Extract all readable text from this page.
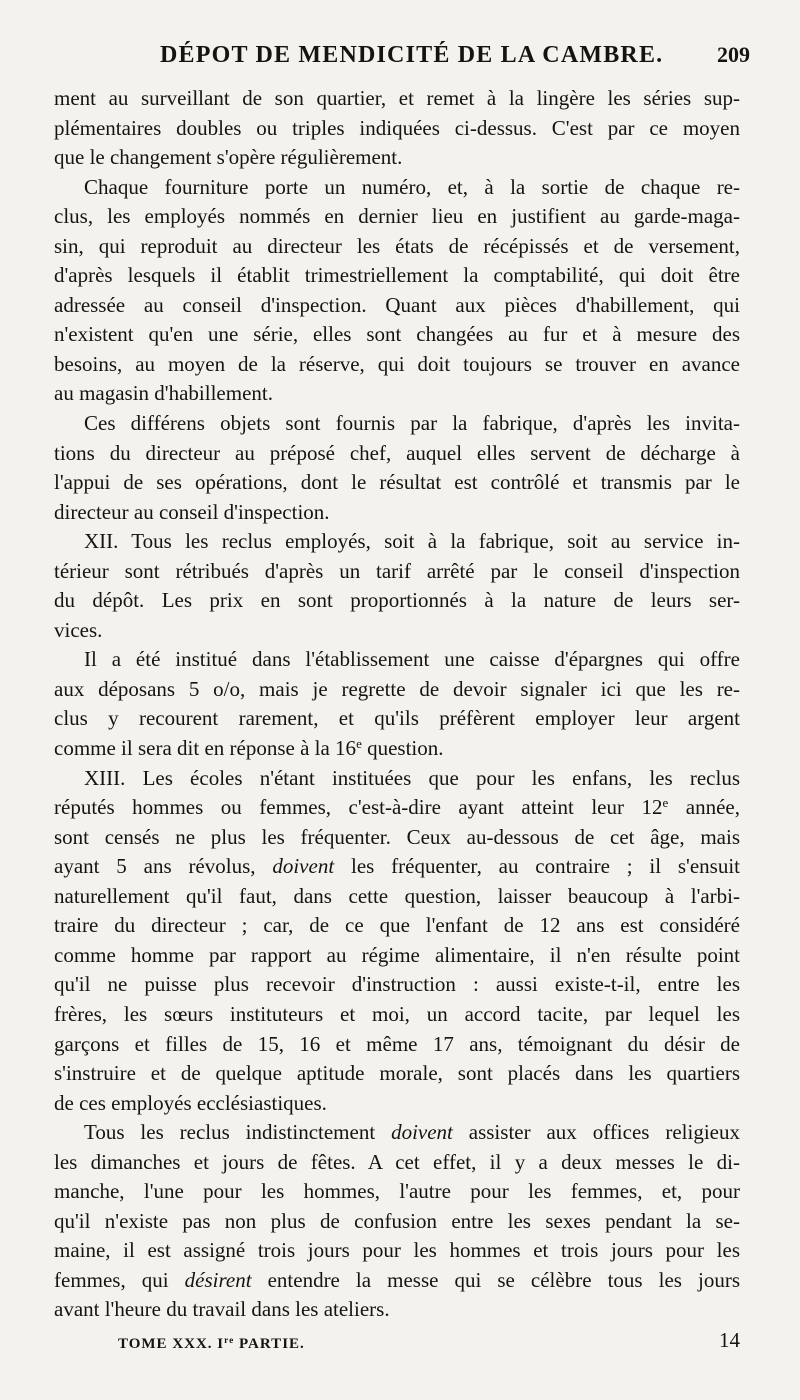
DÉPOT DE MENDICITÉ DE LA CAMBRE. 209
ment au surveillant de son quartier, et remet à la lingère les séries sup-
plémentaires doubles ou triples indiquées ci-dessus. C'est par ce moyen
que le changement s'opère régulièrement.
Chaque fourniture porte un numéro, et, à la sortie de chaque re-
clus, les employés nommés en dernier lieu en justifient au garde-maga-
sin, qui reproduit au directeur les états de récépissés et de versement,
d'après lesquels il établit trimestriellement la comptabilité, qui doit être
adressée au conseil d'inspection. Quant aux pièces d'habillement, qui
n'existent qu'en une série, elles sont changées au fur et à mesure des
besoins, au moyen de la réserve, qui doit toujours se trouver en avance
au magasin d'habillement.
Ces différens objets sont fournis par la fabrique, d'après les invita-
tions du directeur au préposé chef, auquel elles servent de décharge à
l'appui de ses opérations, dont le résultat est contrôlé et transmis par le
directeur au conseil d'inspection.
XII. Tous les reclus employés, soit à la fabrique, soit au service in-
térieur sont rétribués d'après un tarif arrêté par le conseil d'inspection
du dépôt. Les prix en sont proportionnés à la nature de leurs ser-
vices.
Il a été institué dans l'établissement une caisse d'épargnes qui offre
aux déposans 5 o/o, mais je regrette de devoir signaler ici que les re-
clus y recourent rarement, et qu'ils préfèrent employer leur argent
comme il sera dit en réponse à la 16e question.
XIII. Les écoles n'étant instituées que pour les enfans, les reclus
réputés hommes ou femmes, c'est-à-dire ayant atteint leur 12e année,
sont censés ne plus les fréquenter. Ceux au-dessous de cet âge, mais
ayant 5 ans révolus, doivent les fréquenter, au contraire ; il s'ensuit
naturellement qu'il faut, dans cette question, laisser beaucoup à l'arbi-
traire du directeur ; car, de ce que l'enfant de 12 ans est considéré
comme homme par rapport au régime alimentaire, il n'en résulte point
qu'il ne puisse plus recevoir d'instruction : aussi existe-t-il, entre les
frères, les sœurs instituteurs et moi, un accord tacite, par lequel les
garçons et filles de 15, 16 et même 17 ans, témoignant du désir de
s'instruire et de quelque aptitude morale, sont placés dans les quartiers
de ces employés ecclésiastiques.
Tous les reclus indistinctement doivent assister aux offices religieux
les dimanches et jours de fêtes. A cet effet, il y a deux messes le di-
manche, l'une pour les hommes, l'autre pour les femmes, et, pour
qu'il n'existe pas non plus de confusion entre les sexes pendant la se-
maine, il est assigné trois jours pour les hommes et trois jours pour les
femmes, qui désirent entendre la messe qui se célèbre tous les jours
avant l'heure du travail dans les ateliers.
TOME XXX. Ire PARTIE.	14
